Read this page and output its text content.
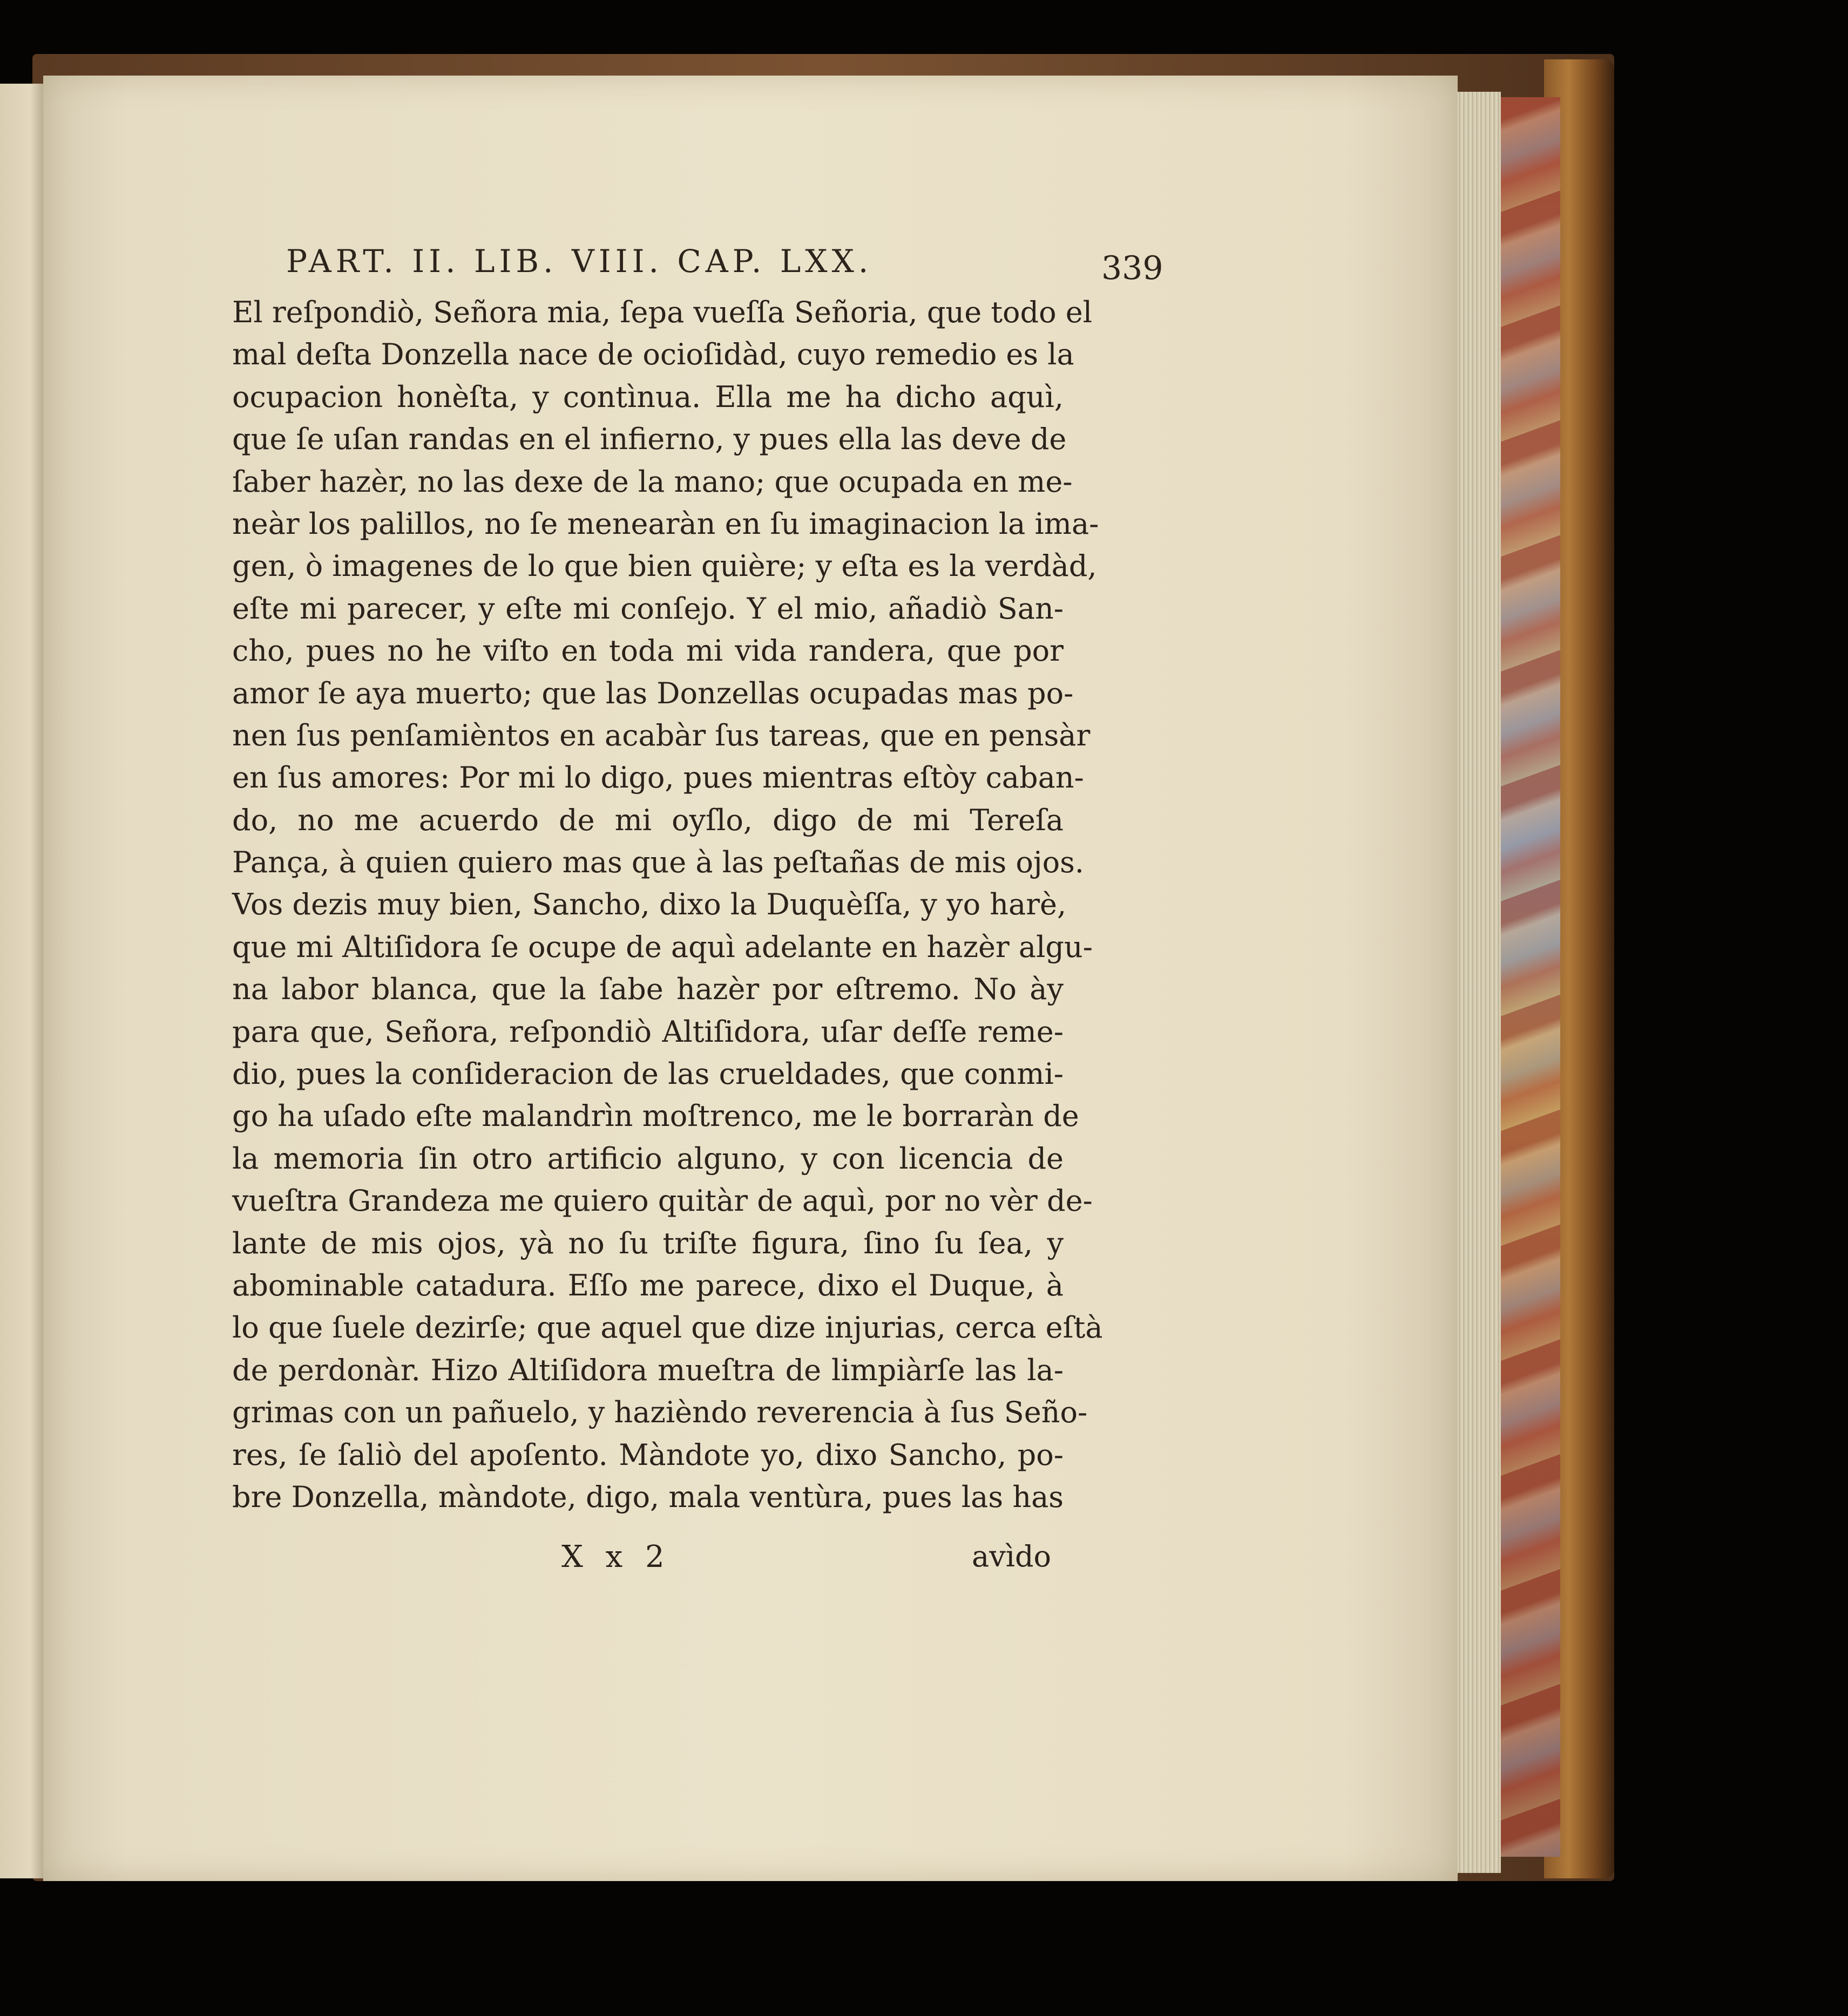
PART. II. LIB. VIII. CAP. LXX.	339
El reſpondiò, Señora mia, ſepa vueſſa Señoria, que todo el
mal deſta Donzella nace de ocioſidàd, cuyo remedio es la
ocupacion honèſta, y contìnua. Ella me ha dicho aquì,
que ſe uſan randas en el infierno, y pues ella las deve de
ſaber hazèr, no las dexe de la mano; que ocupada en me-
neàr los palillos, no ſe menearàn en ſu imaginacion la ima-
gen, ò imagenes de lo que bien quière; y eſta es la verdàd,
eſte mi parecer, y eſte mi conſejo. Y el mio, añadiò San-
cho, pues no he viſto en toda mi vida randera, que por
amor ſe aya muerto; que las Donzellas ocupadas mas po-
nen ſus penſamièntos en acabàr ſus tareas, que en pensàr
en ſus amores: Por mi lo digo, pues mientras eſtòy caban-
do, no me acuerdo de mi oyſlo, digo de mi Tereſa
Pança, à quien quiero mas que à las peſtañas de mis ojos.
Vos dezis muy bien, Sancho, dixo la Duquèſſa, y yo harè,
que mi Altiſidora ſe ocupe de aquì adelante en hazèr algu-
na labor blanca, que la ſabe hazèr por eſtremo. No ày
para que, Señora, reſpondiò Altiſidora, uſar deſſe reme-
dio, pues la conſideracion de las crueldades, que conmi-
go ha uſado eſte malandrìn moſtrenco, me le borraràn de
la memoria ſin otro artificio alguno, y con licencia de
vueſtra Grandeza me quiero quitàr de aquì, por no vèr de-
lante de mis ojos, yà no ſu triſte figura, ſino ſu ſea, y
abominable catadura. Eſſo me parece, dixo el Duque, à
lo que ſuele dezirſe; que aquel que dize injurias, cerca eſtà
de perdonàr. Hizo Altiſidora mueſtra de limpiàrſe las la-
grimas con un pañuelo, y hazièndo reverencia à ſus Seño-
res, ſe ſaliò del apoſento. Màndote yo, dixo Sancho, po-
bre Donzella, màndote, digo, mala ventùra, pues las has
X x 2	avìdo
